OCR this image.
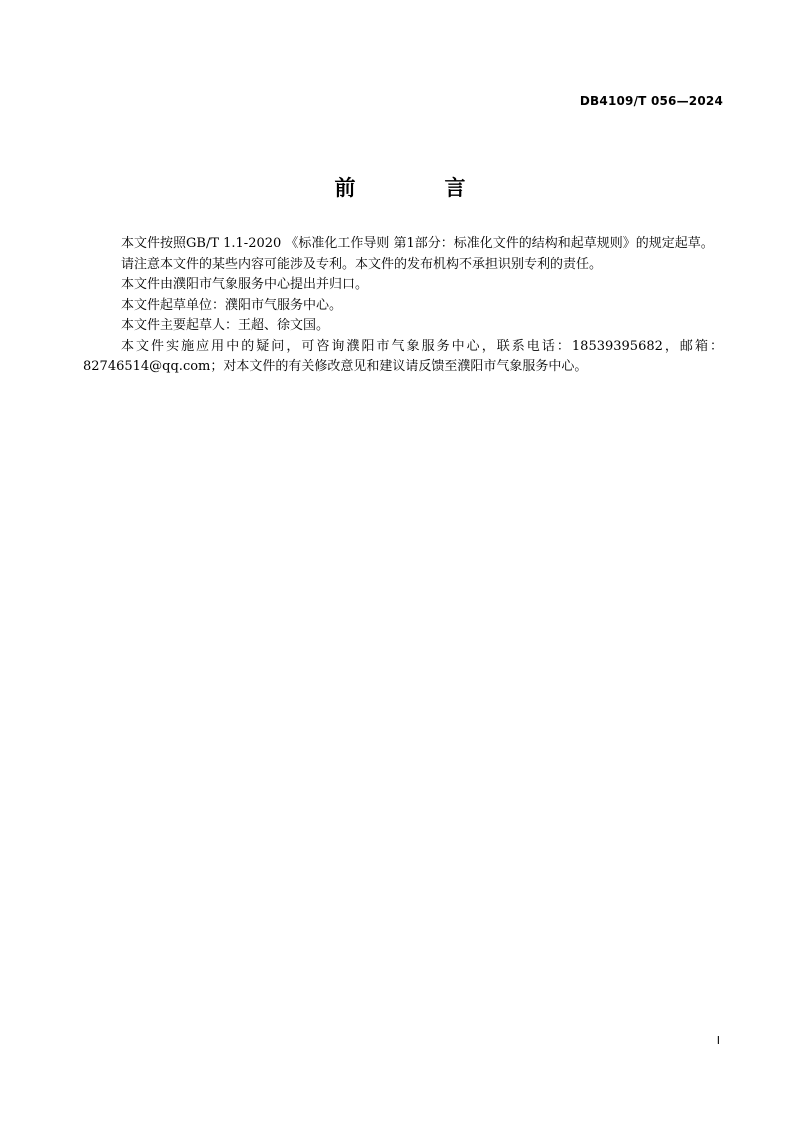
DB4109/T 056—2024
前　言

本文件按照GB/T 1.1-2020 《标准化工作导则 第1部分：标准化文件的结构和起草规则》的规定起草。

请注意本文件的某些内容可能涉及专利。本文件的发布机构不承担识别专利的责任。

本文件由濮阳市气象服务中心提出并归口。

本文件起草单位：濮阳市气服务中心。

本文件主要起草人：王超、徐文国。

本文件实施应用中的疑问，可咨询濮阳市气象服务中心，联系电话：18539395682，邮箱：82746514@qq.com；对本文件的有关修改意见和建议请反馈至濮阳市气象服务中心。

I
